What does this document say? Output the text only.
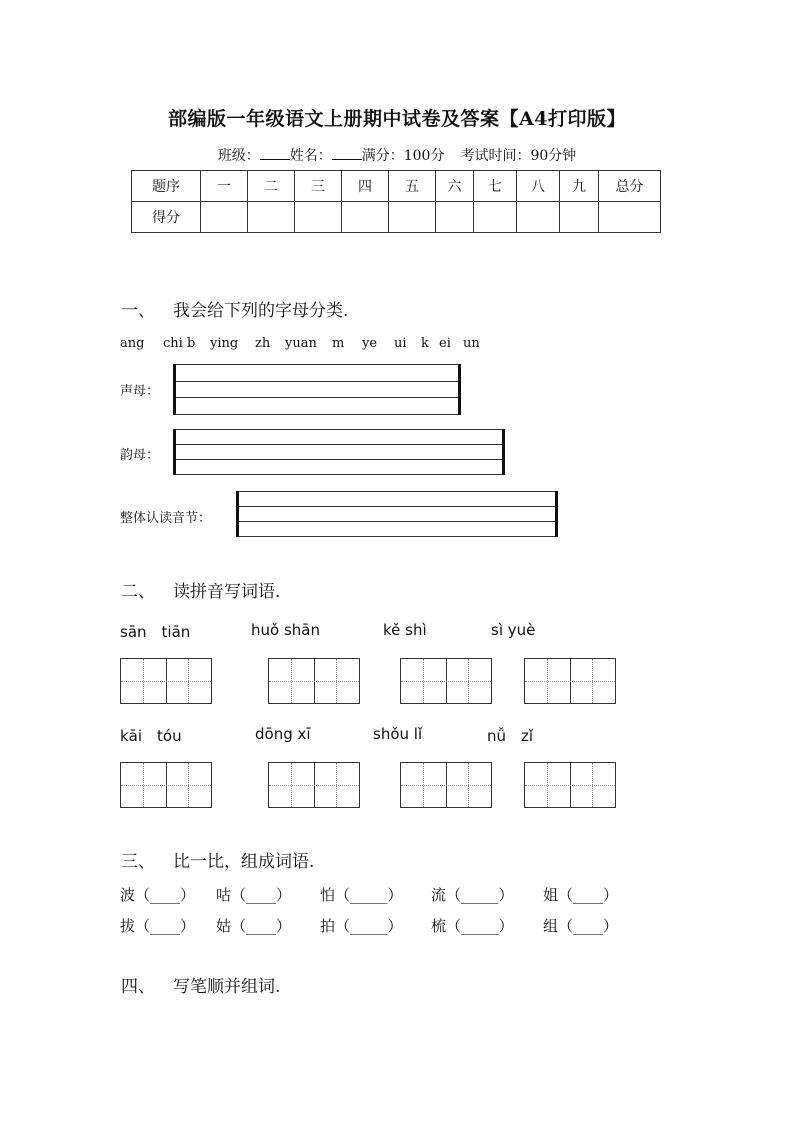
部编版一年级语文上册期中试卷及答案【A4打印版】
班级： 姓名： 满分：100分 考试时间：90分钟
题序	一	二	三	四	五	六	七	八	九	总分
得分										
一、 我会给下列的字母分类.
ang chi b ying zh yuan m ye ui k ei un
声母：
韵母：
整体认读音节：
二、 读拼音写词语.
sān　tiān	huǒ shān	kě shì	sì yuè
kāi　tóu	dōng xī	shǒu lǐ	nǚ　zǐ
三、 比一比，组成词语.
波（____） 咕（____） 怕（_____） 流（_____） 姐（____）
拔（____） 姑（____） 拍（_____） 梳（_____） 组（____）
四、 写笔顺并组词.
